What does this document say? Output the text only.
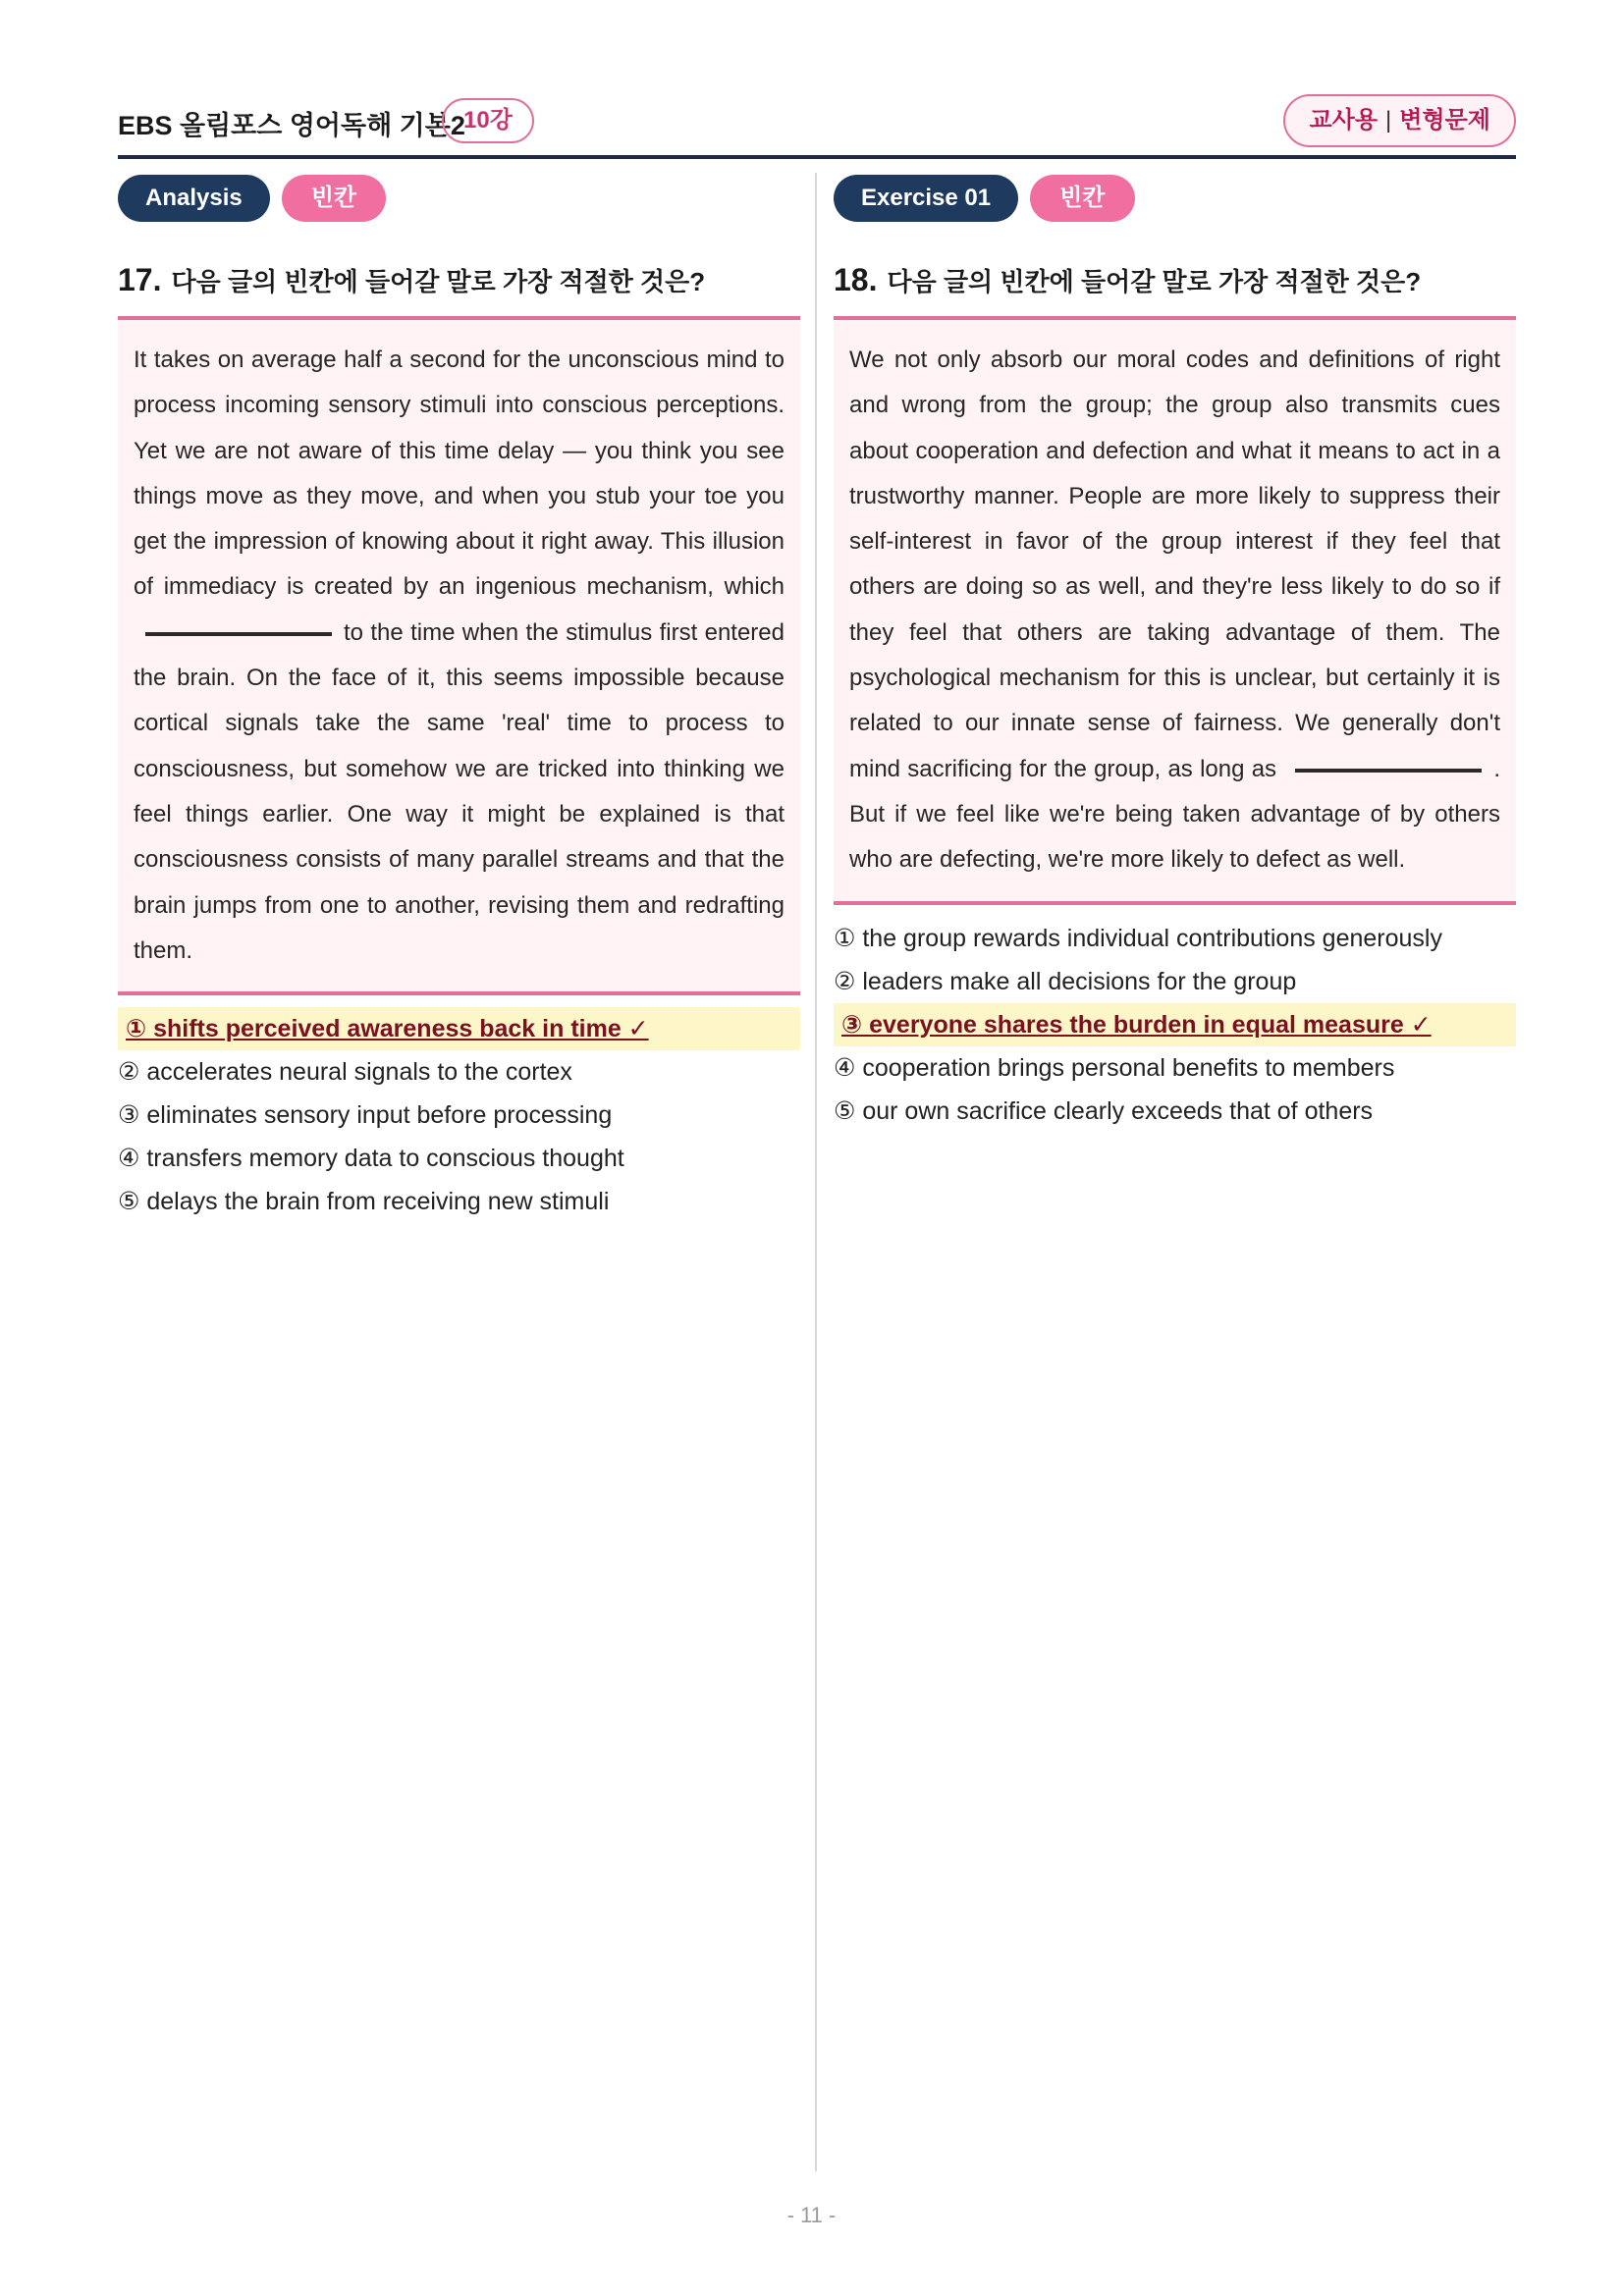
EBS 올림포스 영어독해 기본2
10강	교사용 | 변형문제
Analysis	빈칸
17. 다음 글의 빈칸에 들어갈 말로 가장 적절한 것은?
It takes on average half a second for the unconscious mind to process incoming sensory stimuli into conscious perceptions. Yet we are not aware of this time delay — you think you see things move as they move, and when you stub your toe you get the impression of knowing about it right away. This illusion of immediacy is created by an ingenious mechanism, which to the time when the stimulus first entered the brain. On the face of it, this seems impossible because cortical signals take the same 'real' time to process to consciousness, but somehow we are tricked into thinking we feel things earlier. One way it might be explained is that consciousness consists of many parallel streams and that the brain jumps from one to another, revising them and redrafting them.
① shifts perceived awareness back in time ✓
② accelerates neural signals to the cortex
③ eliminates sensory input before processing
④ transfers memory data to conscious thought
⑤ delays the brain from receiving new stimuli
Exercise 01	빈칸
18. 다음 글의 빈칸에 들어갈 말로 가장 적절한 것은?
We not only absorb our moral codes and definitions of right and wrong from the group; the group also transmits cues about cooperation and defection and what it means to act in a trustworthy manner. People are more likely to suppress their self-interest in favor of the group interest if they feel that others are doing so as well, and they're less likely to do so if they feel that others are taking advantage of them. The psychological mechanism for this is unclear, but certainly it is related to our innate sense of fairness. We generally don't mind sacrificing for the group, as long as	. But if we feel like we're being taken advantage of by others who are defecting, we're more likely to defect as well.
① the group rewards individual contributions generously
② leaders make all decisions for the group
③ everyone shares the burden in equal measure ✓
④ cooperation brings personal benefits to members
⑤ our own sacrifice clearly exceeds that of others
- 11 -
